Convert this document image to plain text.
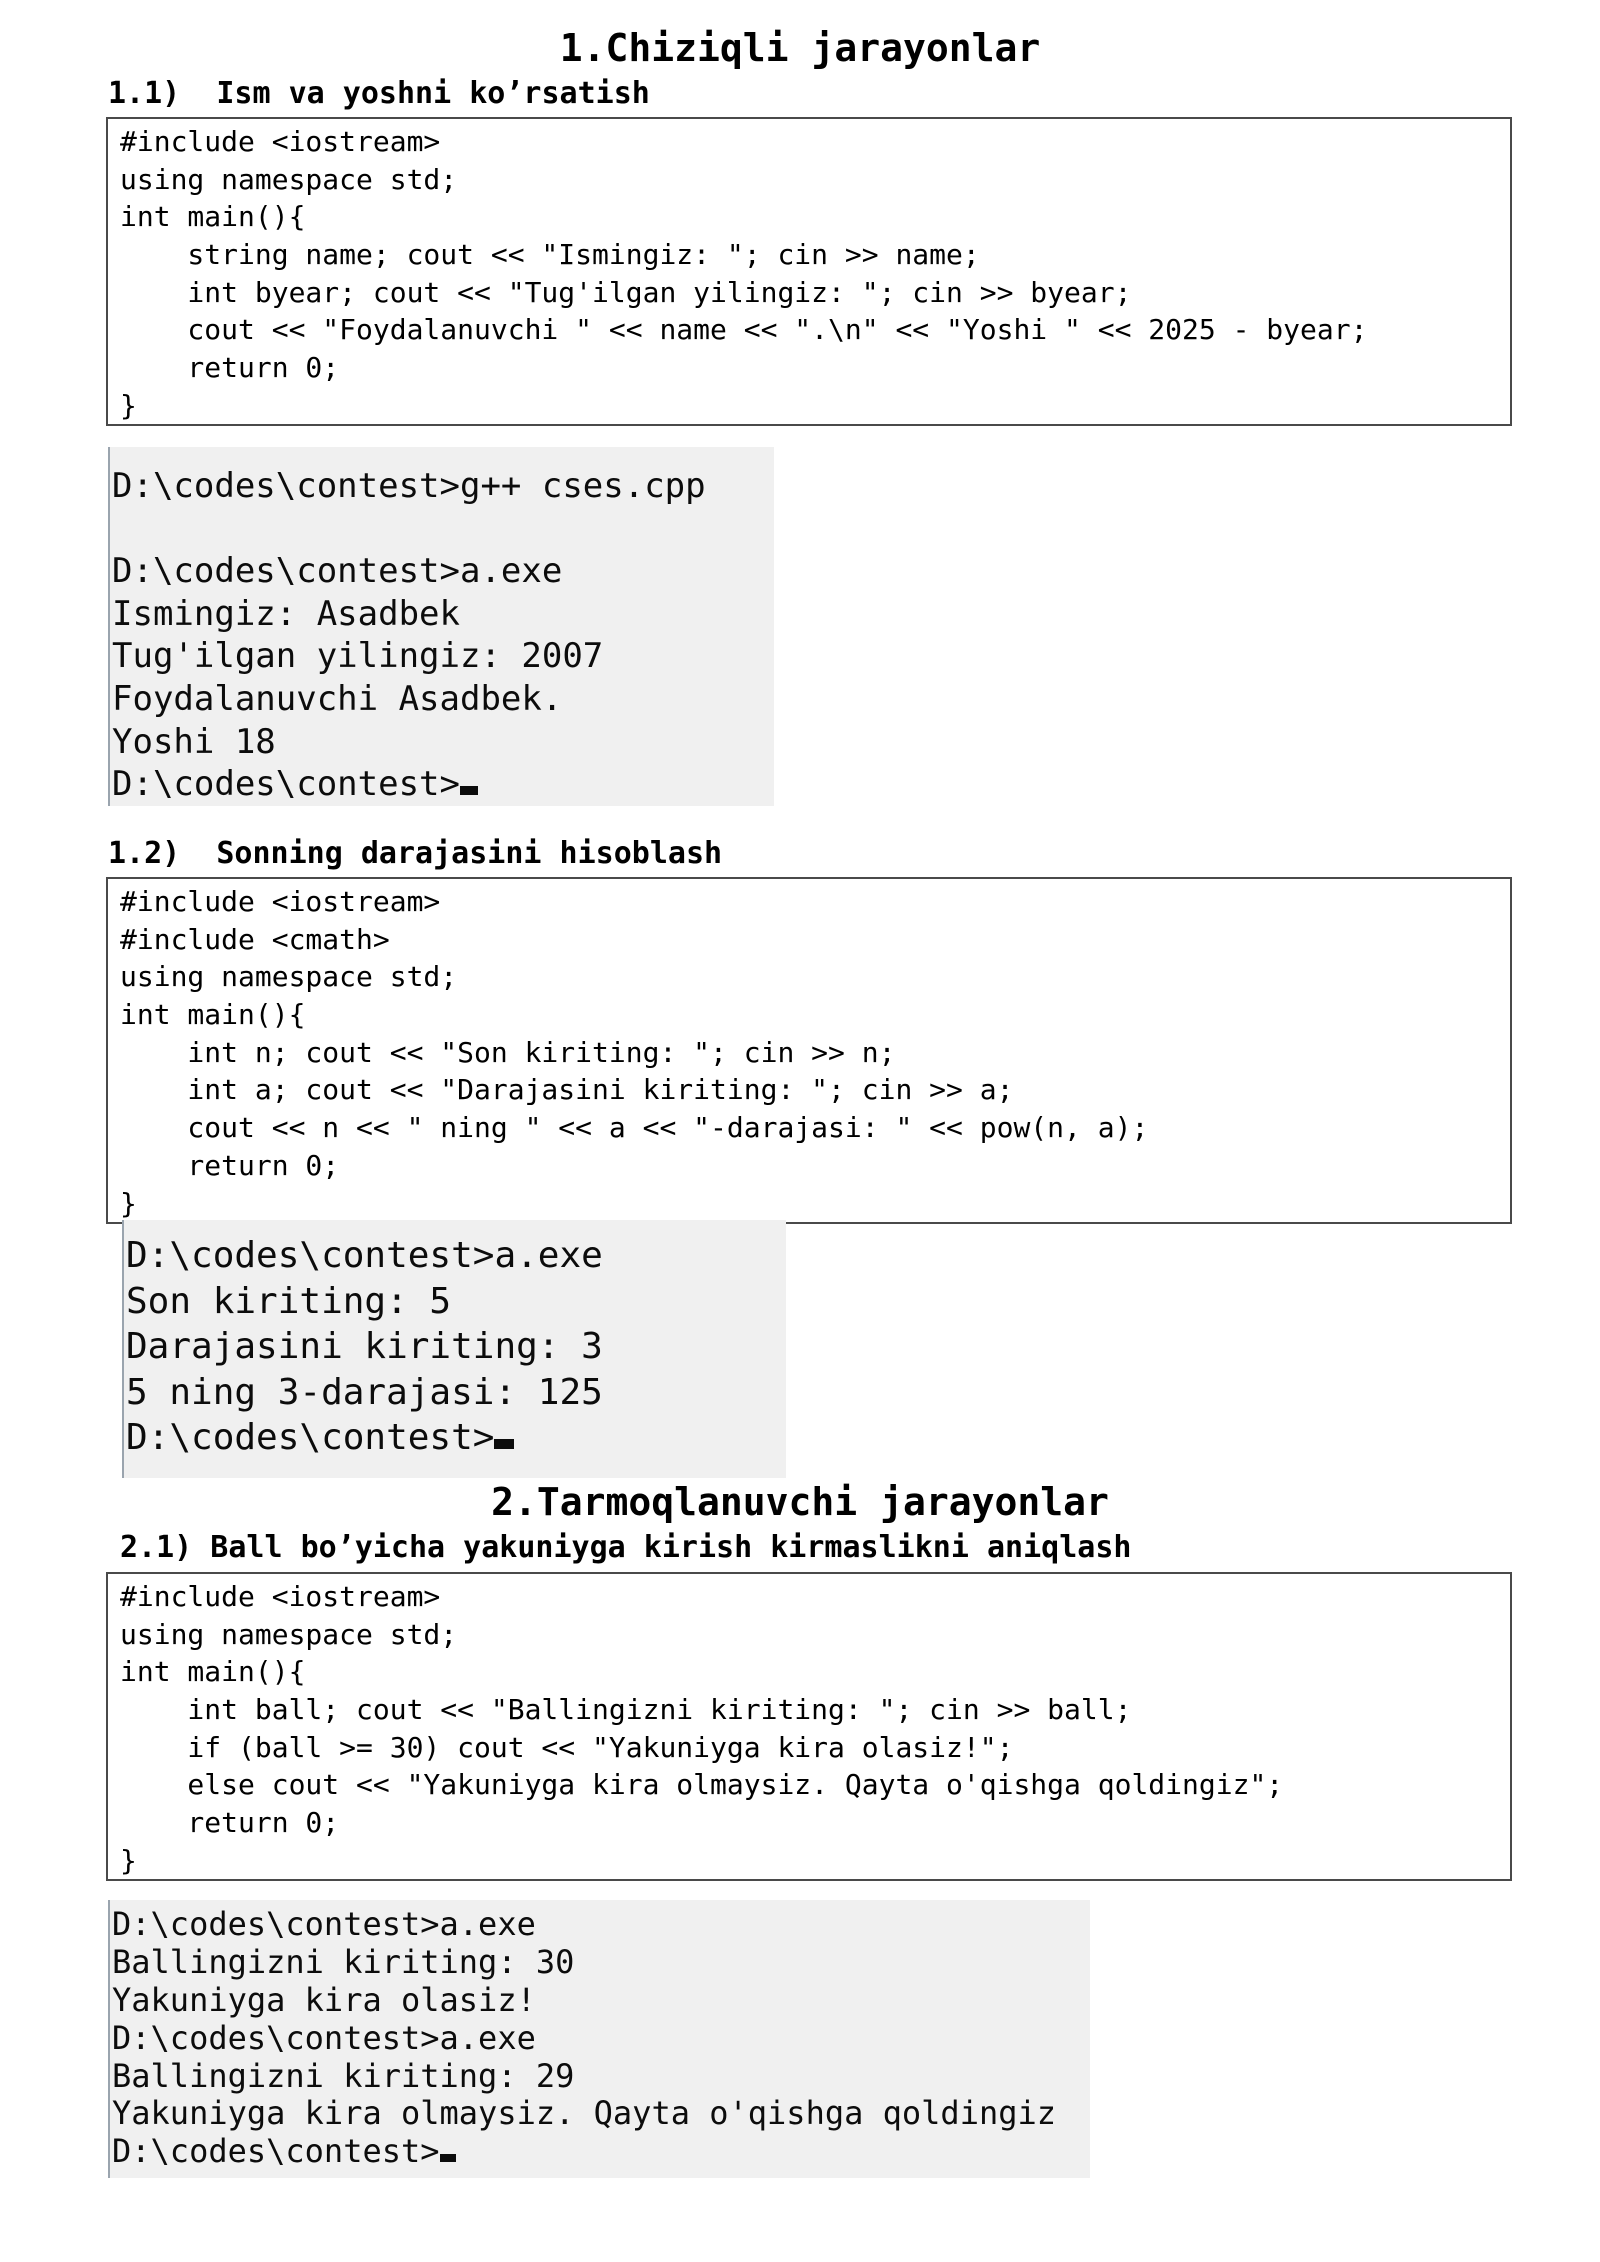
1.Chiziqli jarayonlar
1.1)  Ism va yoshni ko’rsatish
#include <iostream>
using namespace std;
int main(){
string name; cout << "Ismingiz: "; cin >> name;
int byear; cout << "Tug'ilgan yilingiz: "; cin >> byear;
cout << "Foydalanuvchi " << name << ".\n" << "Yoshi " << 2025 - byear;
return 0;
}
D:\codes\contest>g++ cses.cpp
D:\codes\contest>a.exe
Ismingiz: Asadbek
Tug'ilgan yilingiz: 2007
Foydalanuvchi Asadbek.
Yoshi 18
D:\codes\contest>
1.2)  Sonning darajasini hisoblash
#include <iostream>
#include <cmath>
using namespace std;
int main(){
int n; cout << "Son kiriting: "; cin >> n;
int a; cout << "Darajasini kiriting: "; cin >> a;
cout << n << " ning " << a << "-darajasi: " << pow(n, a);
return 0;
}
D:\codes\contest>a.exe
Son kiriting: 5
Darajasini kiriting: 3
5 ning 3-darajasi: 125
D:\codes\contest>
2.Tarmoqlanuvchi jarayonlar
2.1) Ball bo’yicha yakuniyga kirish kirmaslikni aniqlash
#include <iostream>
using namespace std;
int main(){
int ball; cout << "Ballingizni kiriting: "; cin >> ball;
if (ball >= 30) cout << "Yakuniyga kira olasiz!";
else cout << "Yakuniyga kira olmaysiz. Qayta o'qishga qoldingiz";
return 0;
}
D:\codes\contest>a.exe
Ballingizni kiriting: 30
Yakuniyga kira olasiz!
D:\codes\contest>a.exe
Ballingizni kiriting: 29
Yakuniyga kira olmaysiz. Qayta o'qishga qoldingiz
D:\codes\contest>
